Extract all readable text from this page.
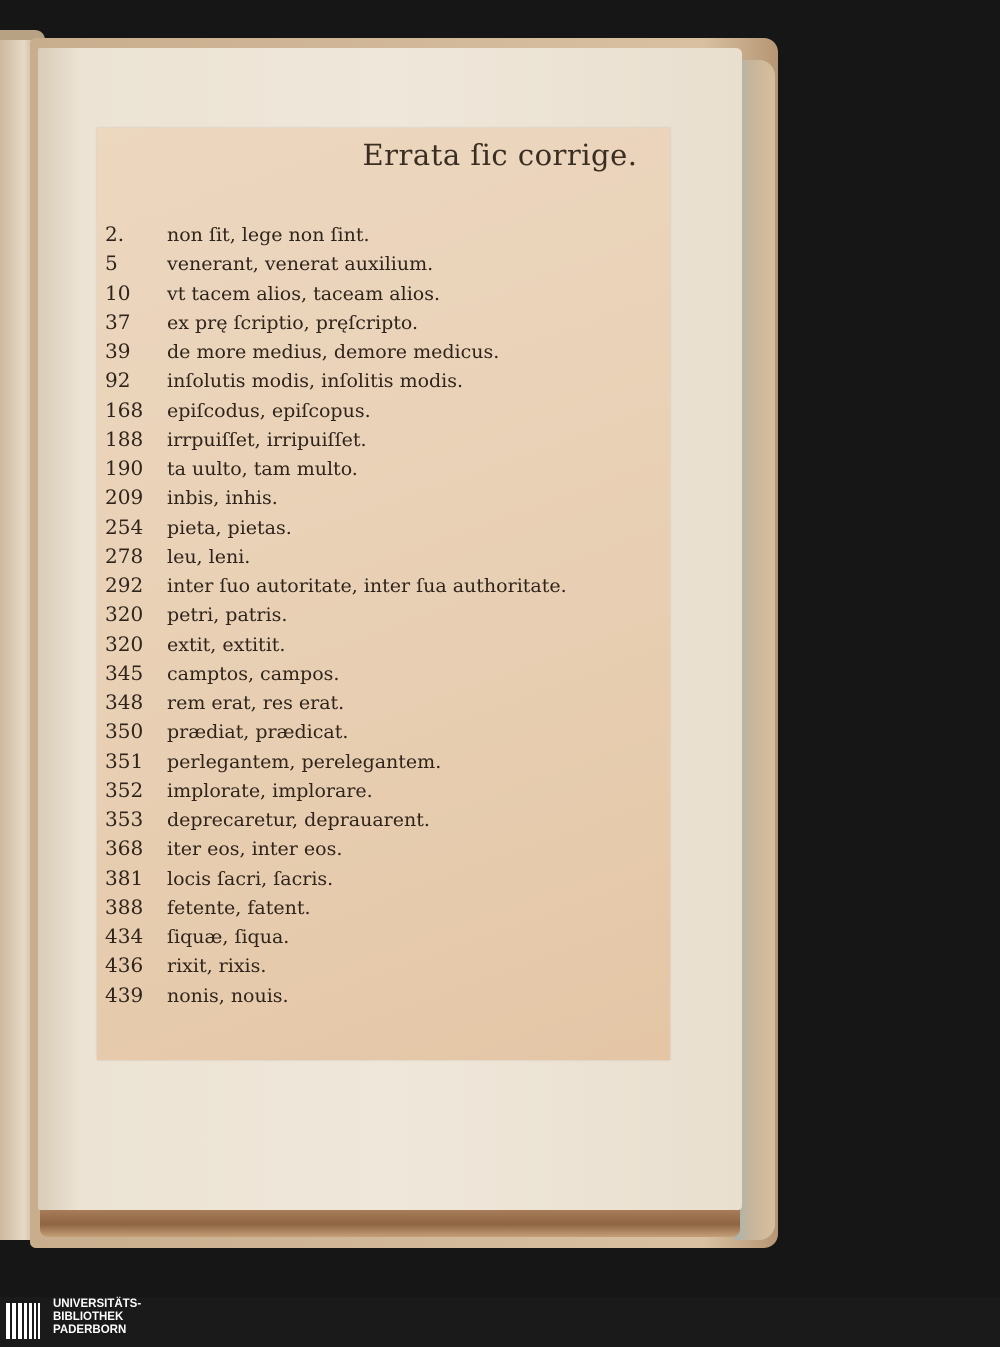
Errata ſic corrige.
2.	non ſit, lege non ſint.
5	venerant, venerat auxilium.
10	vt tacem alios, taceam alios.
37	ex prę ſcriptio, pręſcripto.
39	de more medius, demore medicus.
92	inſolutis modis, inſolitis modis.
168	epiſcodus, epiſcopus.
188	irrpuiſſet, irripuiſſet.
190	ta uulto, tam multo.
209	inbis, inhis.
254	pieta, pietas.
278	leu, leni.
292	inter ſuo autoritate, inter ſua authoritate.
320	petri, patris.
320	extit, extitit.
345	camptos, campos.
348	rem erat, res erat.
350	prædiat, prædicat.
351	perlegantem, perelegantem.
352	implorate, implorare.
353	deprecaretur, deprauarent.
368	iter eos, inter eos.
381	locis ſacri, ſacris.
388	fetente, fatent.
434	ſiquæ, ſiqua.
436	rixit, rixis.
439	nonis, nouis.
UNIVERSITÄTS-
BIBLIOTHEK
PADERBORN
